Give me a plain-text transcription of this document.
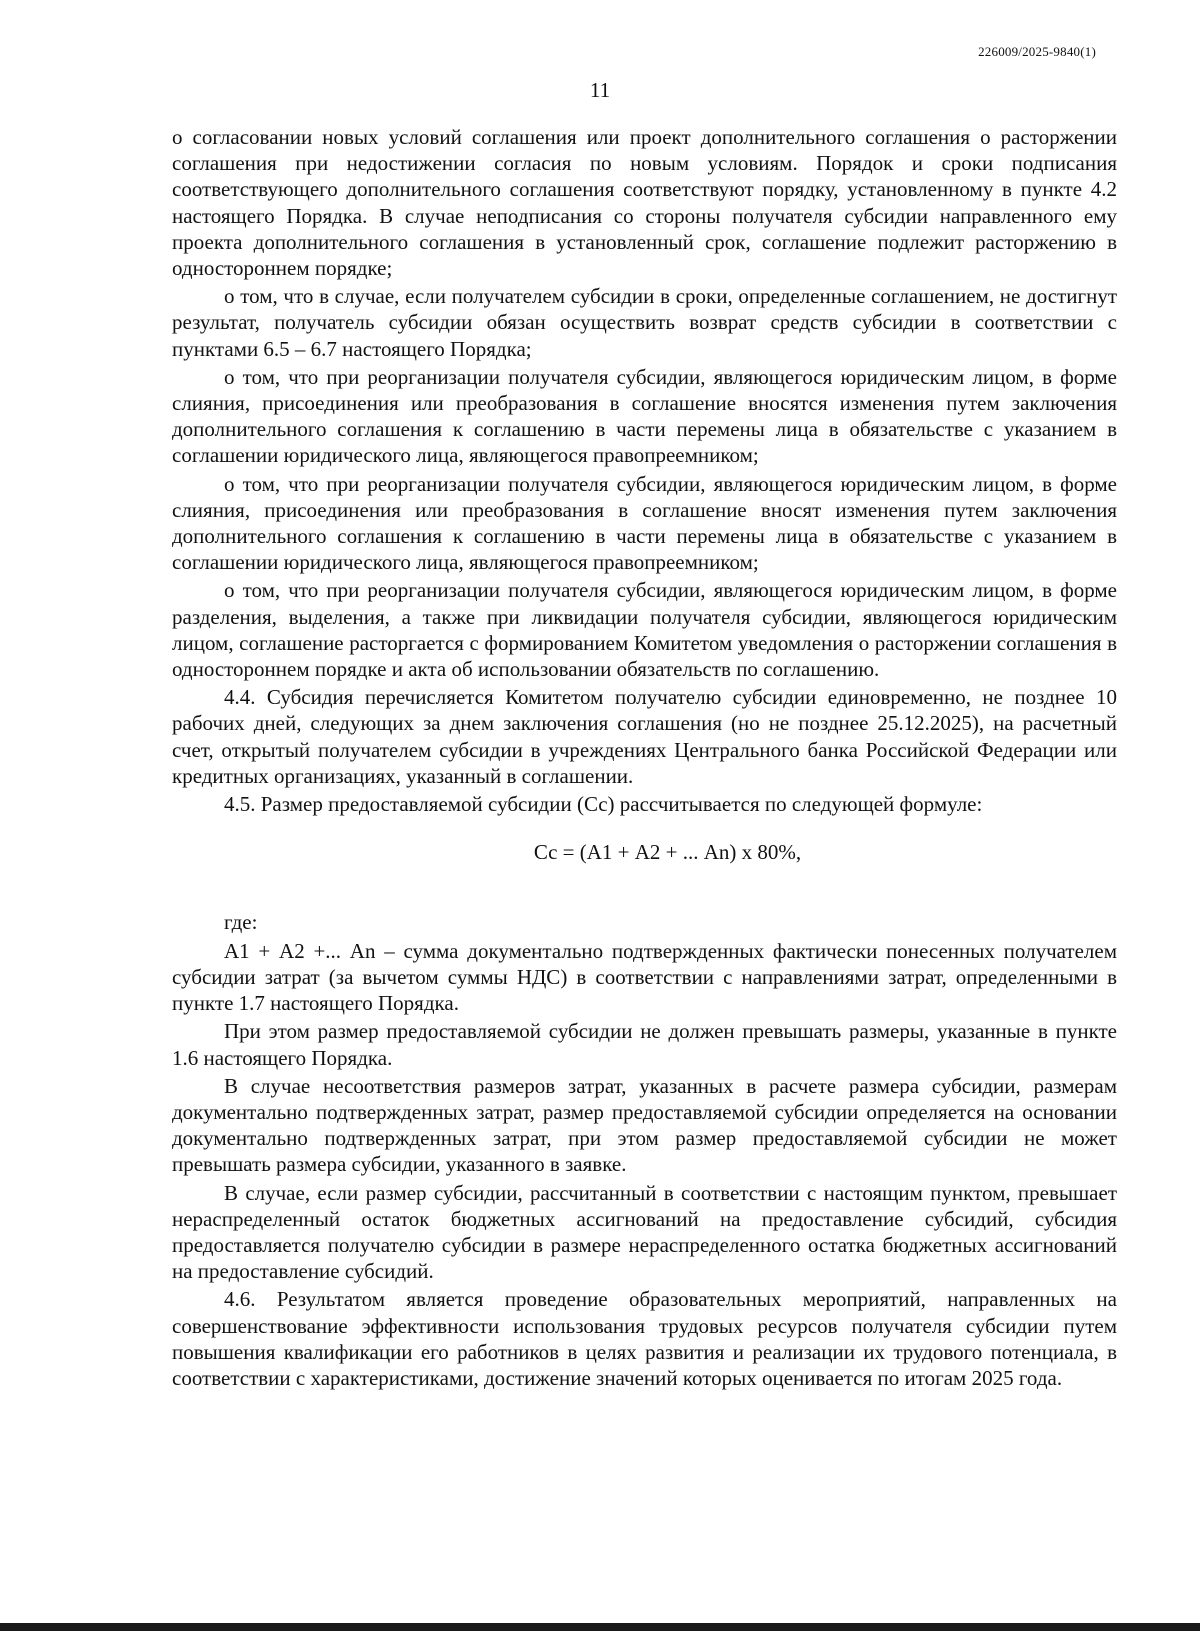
226009/2025-9840(1)
11

о согласовании новых условий соглашения или проект дополнительного соглашения о расторжении соглашения при недостижении согласия по новым условиям. Порядок и сроки подписания соответствующего дополнительного соглашения соответствуют порядку, установленному в пункте 4.2 настоящего Порядка. В случае неподписания со стороны получателя субсидии направленного ему проекта дополнительного соглашения в установленный срок, соглашение подлежит расторжению в одностороннем порядке;

о том, что в случае, если получателем субсидии в сроки, определенные соглашением, не достигнут результат, получатель субсидии обязан осуществить возврат средств субсидии в соответствии с пунктами 6.5 – 6.7 настоящего Порядка;

о том, что при реорганизации получателя субсидии, являющегося юридическим лицом, в форме слияния, присоединения или преобразования в соглашение вносятся изменения путем заключения дополнительного соглашения к соглашению в части перемены лица в обязательстве с указанием в соглашении юридического лица, являющегося правопреемником;

о том, что при реорганизации получателя субсидии, являющегося юридическим лицом, в форме слияния, присоединения или преобразования в соглашение вносят изменения путем заключения дополнительного соглашения к соглашению в части перемены лица в обязательстве с указанием в соглашении юридического лица, являющегося правопреемником;

о том, что при реорганизации получателя субсидии, являющегося юридическим лицом, в форме разделения, выделения, а также при ликвидации получателя субсидии, являющегося юридическим лицом, соглашение расторгается с формированием Комитетом уведомления о расторжении соглашения в одностороннем порядке и акта об использовании обязательств по соглашению.

4.4. Субсидия перечисляется Комитетом получателю субсидии единовременно, не позднее 10 рабочих дней, следующих за днем заключения соглашения (но не позднее 25.12.2025), на расчетный счет, открытый получателем субсидии в учреждениях Центрального банка Российской Федерации или кредитных организациях, указанный в соглашении.

4.5. Размер предоставляемой субсидии (Сс) рассчитывается по следующей формуле:

Сс = (А1 + А2 + ... Аn) х 80%,

где:

А1 + А2 +... Аn – сумма документально подтвержденных фактически понесенных получателем субсидии затрат (за вычетом суммы НДС) в соответствии с направлениями затрат, определенными в пункте 1.7 настоящего Порядка.

При этом размер предоставляемой субсидии не должен превышать размеры, указанные в пункте 1.6 настоящего Порядка.

В случае несоответствия размеров затрат, указанных в расчете размера субсидии, размерам документально подтвержденных затрат, размер предоставляемой субсидии определяется на основании документально подтвержденных затрат, при этом размер предоставляемой субсидии не может превышать размера субсидии, указанного в заявке.

В случае, если размер субсидии, рассчитанный в соответствии с настоящим пунктом, превышает нераспределенный остаток бюджетных ассигнований на предоставление субсидий, субсидия предоставляется получателю субсидии в размере нераспределенного остатка бюджетных ассигнований на предоставление субсидий.

4.6. Результатом является проведение образовательных мероприятий, направленных на совершенствование эффективности использования трудовых ресурсов получателя субсидии путем повышения квалификации его работников в целях развития и реализации их трудового потенциала, в соответствии с характеристиками, достижение значений которых оценивается по итогам 2025 года.
